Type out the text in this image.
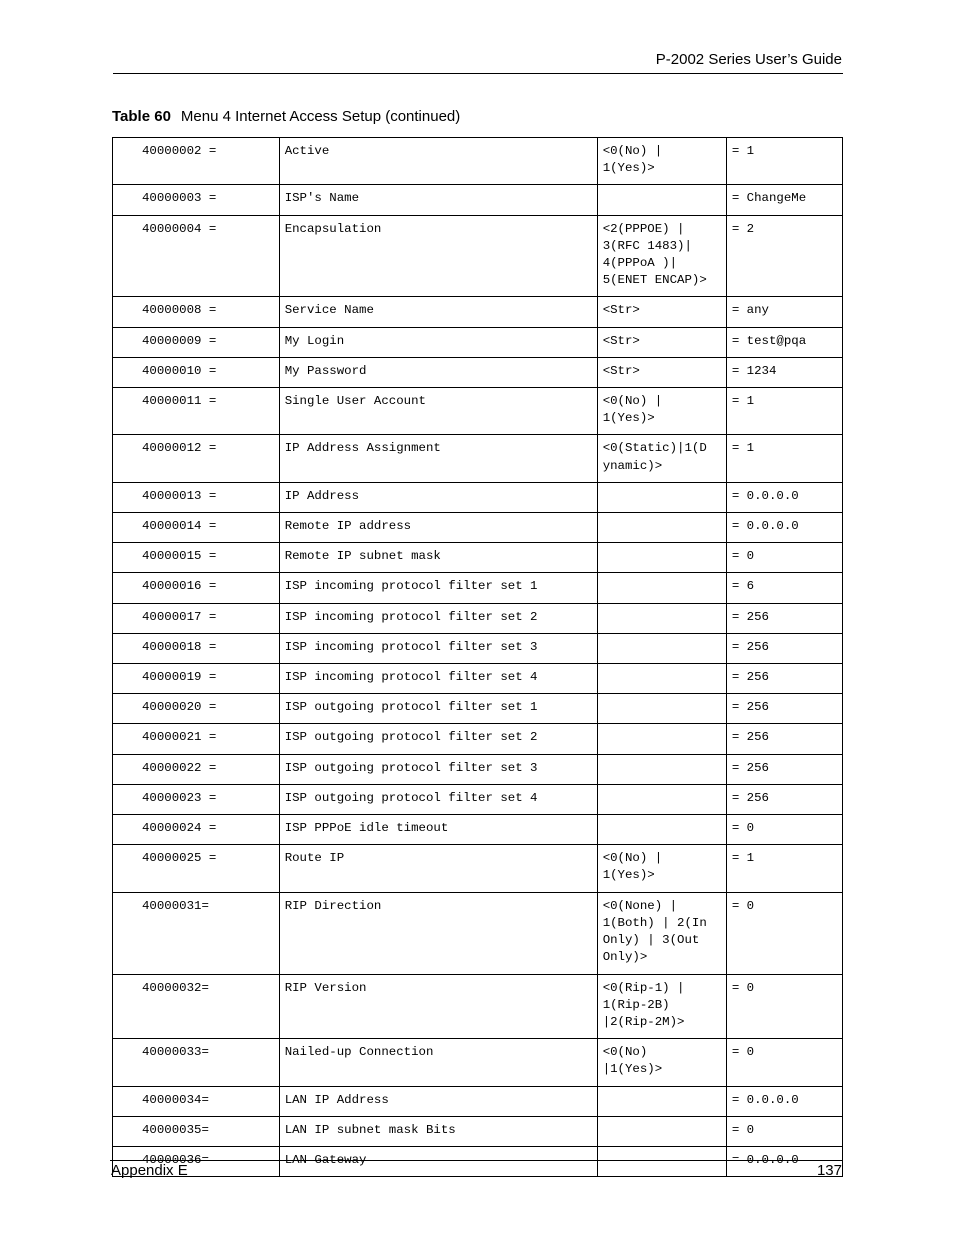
P-2002 Series User’s Guide
Table 60 Menu 4 Internet Access Setup (continued)
40000002 =	Active	<0(No) |
1(Yes)>	= 1
40000003 =	ISP's Name		= ChangeMe
40000004 =	Encapsulation	<2(PPPOE) |
3(RFC 1483)|
4(PPPoA )|
5(ENET ENCAP)>	= 2
40000008 =	Service Name	<Str>	= any
40000009 =	My Login	<Str>	= test@pqa
40000010 =	My Password	<Str>	= 1234
40000011 =	Single User Account	<0(No) |
1(Yes)>	= 1
40000012 =	IP Address Assignment	<0(Static)|1(D
ynamic)>	= 1
40000013 =	IP Address		= 0.0.0.0
40000014 =	Remote IP address		= 0.0.0.0
40000015 =	Remote IP subnet mask		= 0
40000016 =	ISP incoming protocol filter set 1		= 6
40000017 =	ISP incoming protocol filter set 2		= 256
40000018 =	ISP incoming protocol filter set 3		= 256
40000019 =	ISP incoming protocol filter set 4		= 256
40000020 =	ISP outgoing protocol filter set 1		= 256
40000021 =	ISP outgoing protocol filter set 2		= 256
40000022 =	ISP outgoing protocol filter set 3		= 256
40000023 =	ISP outgoing protocol filter set 4		= 256
40000024 =	ISP PPPoE idle timeout		= 0
40000025 =	Route IP	<0(No) |
1(Yes)>	= 1
40000031=	RIP Direction	<0(None) |
1(Both) | 2(In
Only) | 3(Out
Only)>	= 0
40000032=	RIP Version	<0(Rip-1) |
1(Rip-2B)
|2(Rip-2M)>	= 0
40000033=	Nailed-up Connection	<0(No)
|1(Yes)>	= 0
40000034=	LAN IP Address		= 0.0.0.0
40000035=	LAN IP subnet mask Bits		= 0
40000036=	LAN Gateway		= 0.0.0.0
Appendix E	137
